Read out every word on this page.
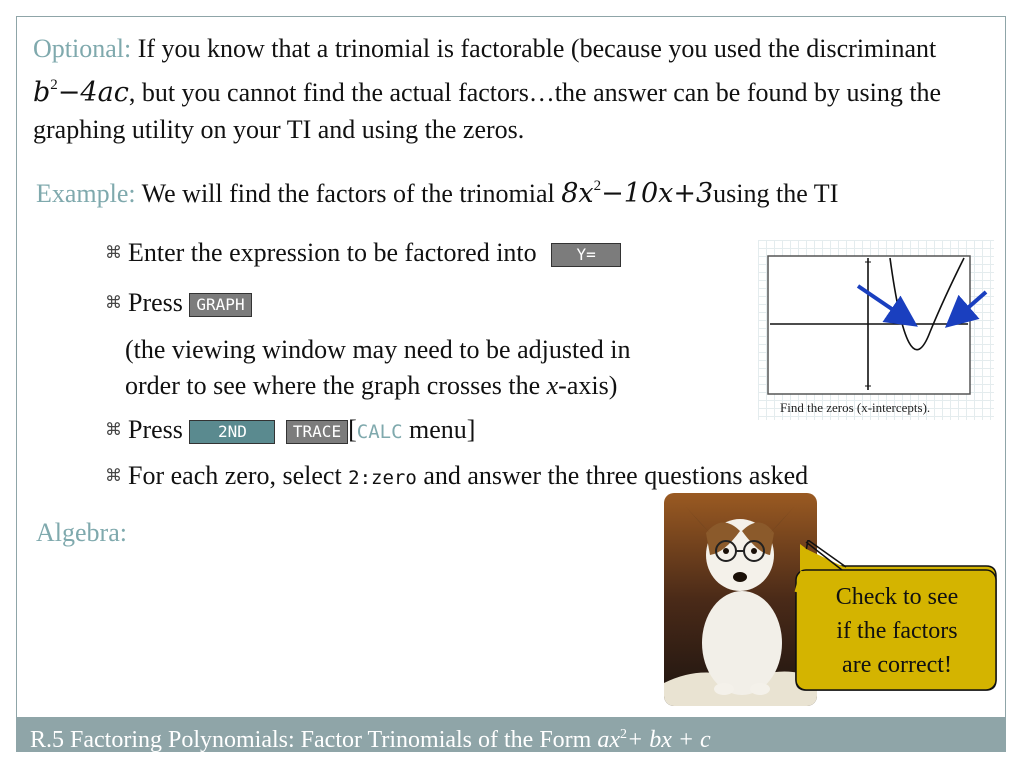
Optional: If you know that a trinomial is factorable (because you used the discriminant $b^2-4ac$, but you cannot find the actual factors…the answer can be found by using the graphing utility on your TI and using the zeros.
Example: We will find the factors of the trinomial $8x^2-10x+3using$ the TI
⌘ Enter the expression to be factored into Y=
⌘ Press GRAPH
(the viewing window may need to be adjusted in
order to see where the graph crosses the x-axis)
⌘ Press 2ND	TRACE [CALC menu]
⌘ For each zero, select 2:zero and answer the three questions asked
Find the zeros (x-intercepts).
Algebra:
Check to see
if the factors
are correct!
R.5 Factoring Polynomials: Factor Trinomials of the Form $ax^2+$ bx + c
